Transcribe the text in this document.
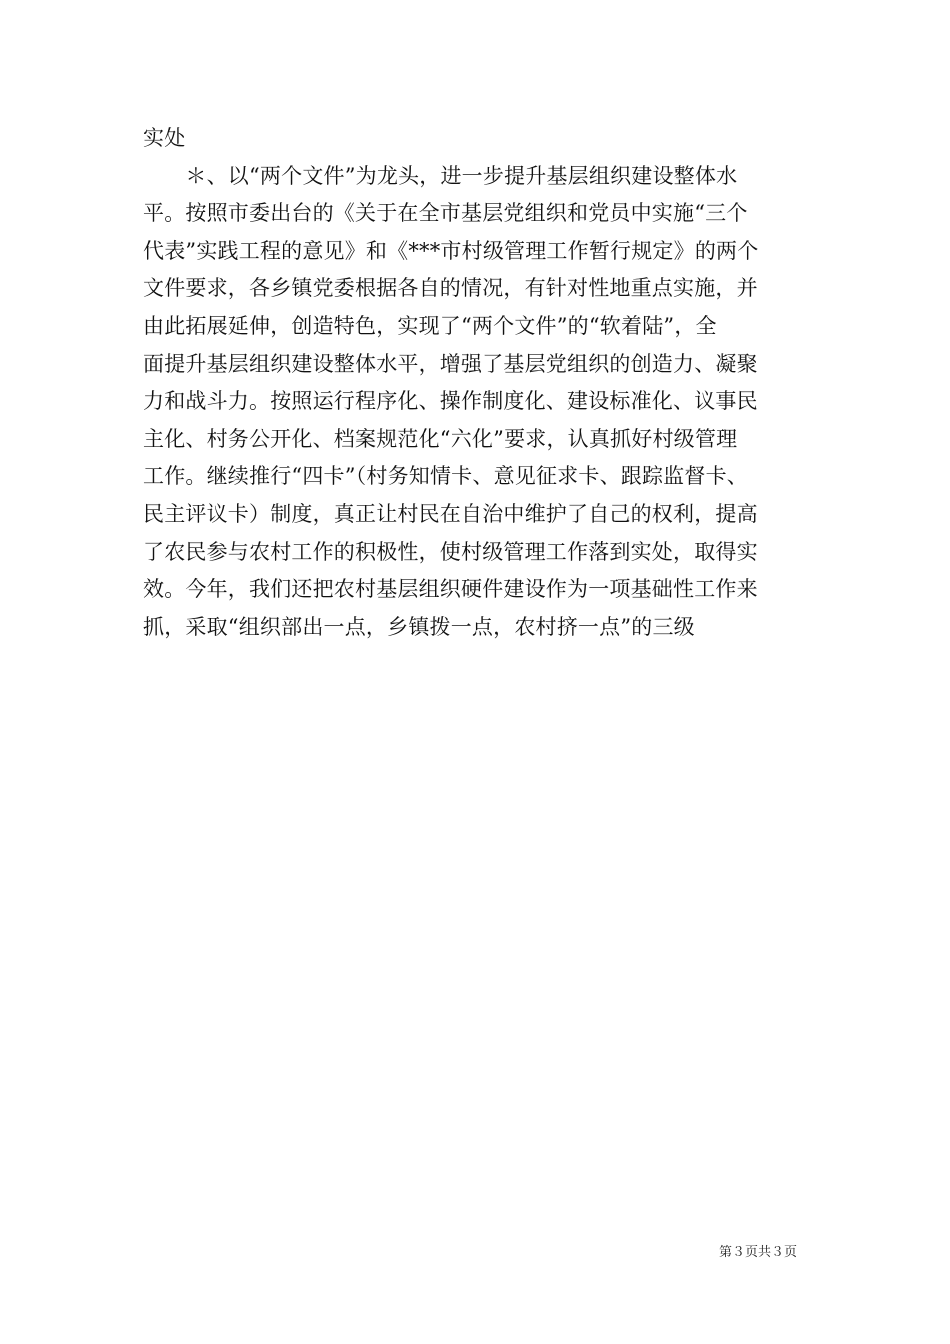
实处
　　＊、以“两个文件”为龙头，进一步提升基层组织建设整体水
平。按照市委出台的《关于在全市基层党组织和党员中实施“三个
代表”实践工程的意见》和《***市村级管理工作暂行规定》的两个
文件要求，各乡镇党委根据各自的情况，有针对性地重点实施，并
由此拓展延伸，创造特色，实现了“两个文件”的“软着陆”，全
面提升基层组织建设整体水平，增强了基层党组织的创造力、凝聚
力和战斗力。按照运行程序化、操作制度化、建设标准化、议事民
主化、村务公开化、档案规范化“六化”要求，认真抓好村级管理
工作。继续推行“四卡”（村务知情卡、意见征求卡、跟踪监督卡、
民主评议卡）制度，真正让村民在自治中维护了自己的权利，提高
了农民参与农村工作的积极性，使村级管理工作落到实处，取得实
效。今年，我们还把农村基层组织硬件建设作为一项基础性工作来
抓，采取“组织部出一点，乡镇拨一点，农村挤一点”的三级
第３页共３页
